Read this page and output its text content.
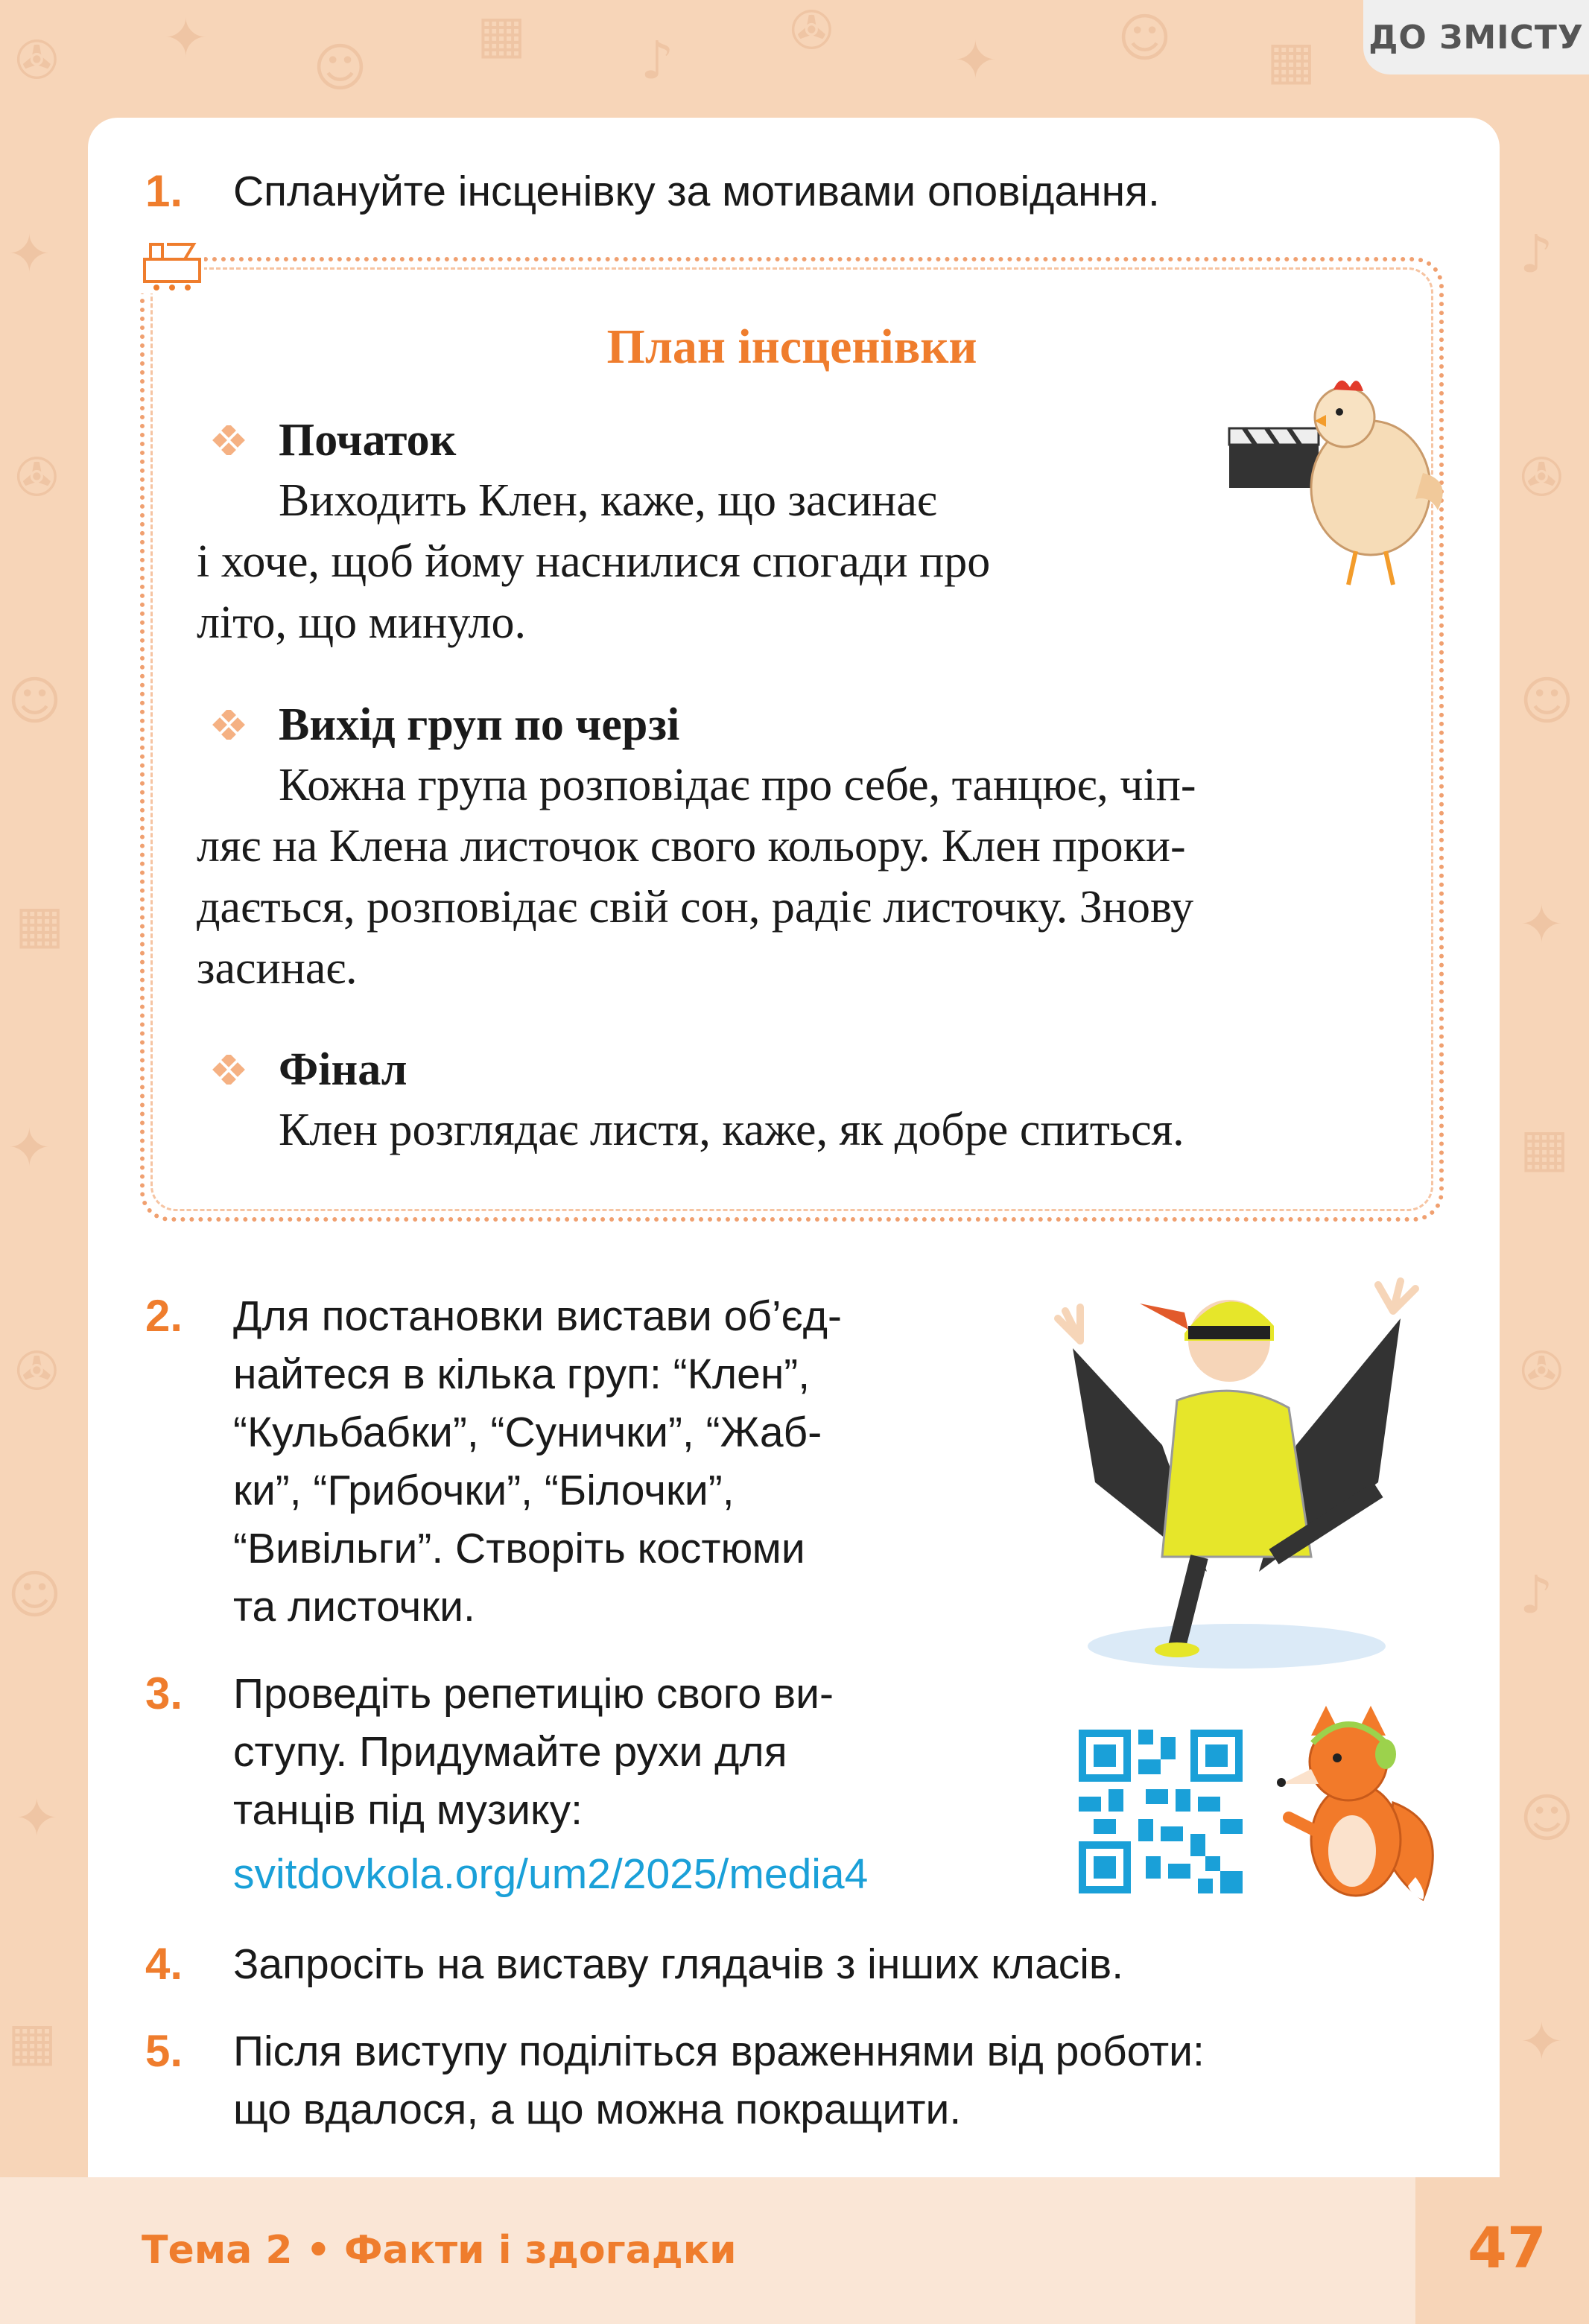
✇ ✦ ☺
▦ ♪ ✇ ✦ ☺ ▦
✦
✇
☺
▦
✦
✇
☺
✦
▦
♪
✇
☺
✦
▦
✇
♪
☺
✦
ДО ЗМІСТУ
1. Сплануйте інсценівку за мотивами оповідання.
План інсценівки
Початок
Виходить Клен, каже, що засинає
і хоче, щоб йому наснилися спогади про
літо, що минуло.
Вихід груп по черзі
Кожна група розповідає про себе, танцює, чіп-
ляє на Клена листочок свого кольору. Клен проки-
дається, розповідає свій сон, радіє листочку. Знову
засинає.
Фінал
Клен розглядає листя, каже, як добре спиться.
2. Для постановки вистави об’єд-
найтеся в кілька груп: “Клен”,
“Кульбабки”, “Сунички”, “Жаб-
ки”, “Грибочки”, “Білочки”,
“Вивільги”. Створіть костюми
та листочки.
3. Проведіть репетицію свого ви-
ступу. Придумайте рухи для
танців під музику:
svitdovkola.org/um2/2025/media4
4. Запросіть на виставу глядачів з інших класів.
5. Після виступу поділіться враженнями від роботи:
що вдалося, а що можна покращити.
Тема 2 • Факти і здогадки	47
